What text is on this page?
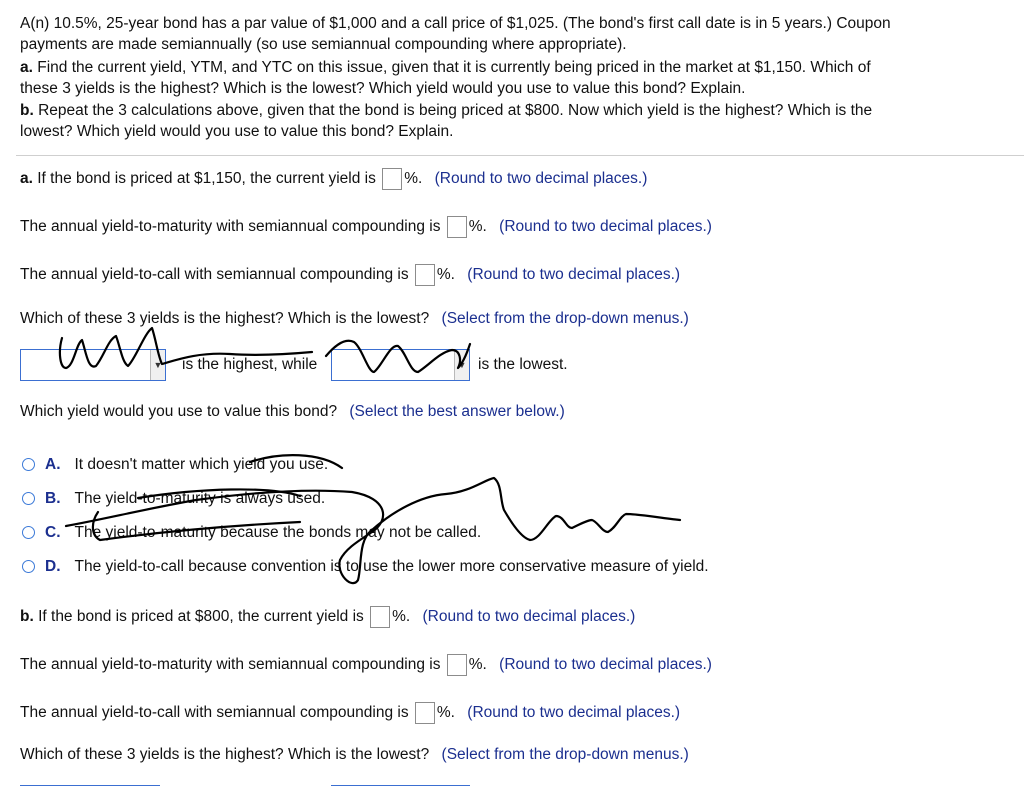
A(n) 10.5%, 25-year bond has a par value of $1,000 and a call price of $1,025. (The bond's first call date is in 5 years.) Coupon
payments are made semiannually (so use semiannual compounding where appropriate).
a. Find the current yield, YTM, and YTC on this issue, given that it is currently being priced in the market at $1,150. Which of
these 3 yields is the highest? Which is the lowest? Which yield would you use to value this bond? Explain.
b. Repeat the 3 calculations above, given that the bond is being priced at $800. Now which yield is the highest? Which is the
lowest? Which yield would you use to value this bond? Explain.
a. If the bond is priced at $1,150, the current yield is %. (Round to two decimal places.)
The annual yield-to-maturity with semiannual compounding is %. (Round to two decimal places.)
The annual yield-to-call with semiannual compounding is %. (Round to two decimal places.)
Which of these 3 yields is the highest? Which is the lowest? (Select from the drop-down menus.)
▼ is the highest, while	▼ is the lowest.
Which yield would you use to value this bond? (Select the best answer below.)
A. It doesn't matter which yield you use.
B. The yield-to-maturity is always used.
C. The yield-to-maturity because the bonds may not be called.
D. The yield-to-call because convention is to use the lower more conservative measure of yield.
b. If the bond is priced at $800, the current yield is %. (Round to two decimal places.)
The annual yield-to-maturity with semiannual compounding is %. (Round to two decimal places.)
The annual yield-to-call with semiannual compounding is %. (Round to two decimal places.)
Which of these 3 yields is the highest? Which is the lowest? (Select from the drop-down menus.)
